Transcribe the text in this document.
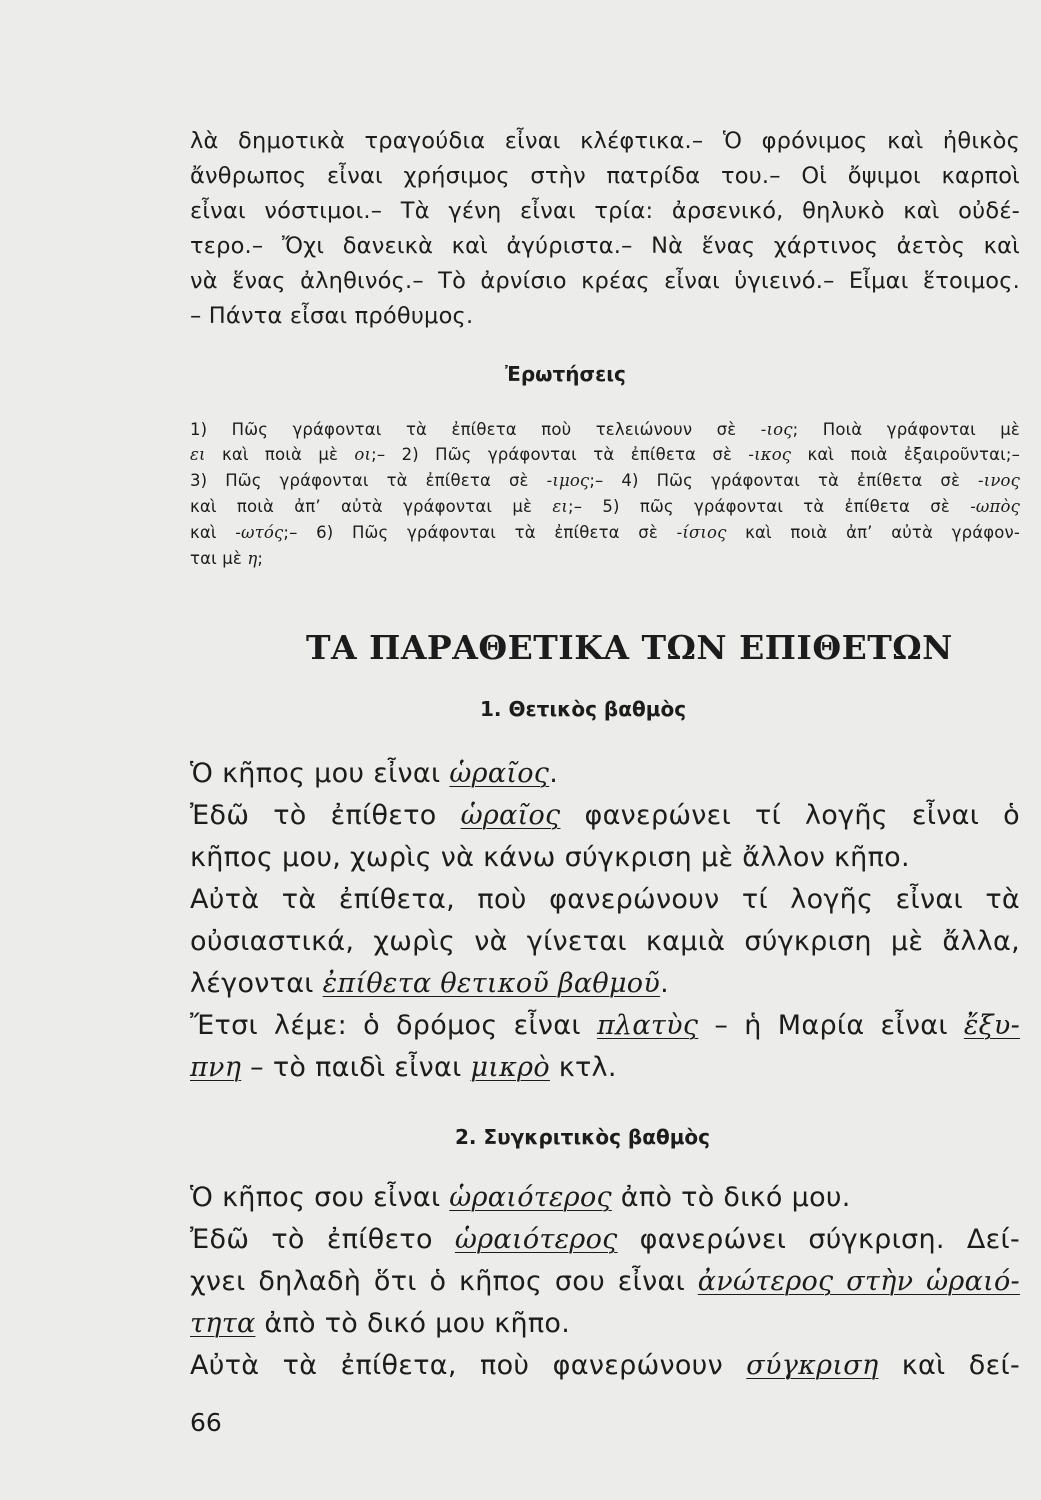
λὰ δημοτικὰ τραγούδια εἶναι κλέφτικα.– Ὁ φρόνιμος καὶ ἠθικὸς
ἄνθρωπος εἶναι χρήσιμος στὴν πατρίδα του.– Οἱ ὄψιμοι καρποὶ
εἶναι νόστιμοι.– Τὰ γένη εἶναι τρία: ἀρσενικό, θηλυκὸ καὶ οὐδέ-
τερο.– Ὄχι δανεικὰ καὶ ἀγύριστα.– Νὰ ἕνας χάρτινος ἀετὸς καὶ
νὰ ἕνας ἀληθινός.– Τὸ ἀρνίσιο κρέας εἶναι ὑγιεινό.– Εἶμαι ἕτοιμος.
– Πάντα εἶσαι πρόθυμος.
Ἐρωτήσεις
1) Πῶς γράφονται τὰ ἐπίθετα ποὺ τελειώνουν σὲ -ιος; Ποιὰ γράφονται μὲ
ει καὶ ποιὰ μὲ οι;– 2) Πῶς γράφονται τὰ ἐπίθετα σὲ -ικος καὶ ποιὰ ἐξαιροῦνται;–
3) Πῶς γράφονται τὰ ἐπίθετα σὲ -ιμος;– 4) Πῶς γράφονται τὰ ἐπίθετα σὲ -ινος
καὶ ποιὰ ἀπ’ αὐτὰ γράφονται μὲ ει;– 5) πῶς γράφονται τὰ ἐπίθετα σὲ -ωπὸς
καὶ -ωτός;– 6) Πῶς γράφονται τὰ ἐπίθετα σὲ -ίσιος καὶ ποιὰ ἀπ’ αὐτὰ γράφον-
ται μὲ η;
ΤΑ ΠΑΡΑΘΕΤΙΚΑ ΤΩΝ ΕΠΙΘΕΤΩΝ
1. Θετικὸς βαθμὸς
Ὁ κῆπος μου εἶναι ὡραῖος.
Ἐδῶ τὸ ἐπίθετο ὡραῖος φανερώνει τί λογῆς εἶναι ὁ
κῆπος μου, χωρὶς νὰ κάνω σύγκριση μὲ ἄλλον κῆπο.
Αὐτὰ τὰ ἐπίθετα, ποὺ φανερώνουν τί λογῆς εἶναι τὰ
οὐσιαστικά, χωρὶς νὰ γίνεται καμιὰ σύγκριση μὲ ἄλλα,
λέγονται ἐπίθετα θετικοῦ βαθμοῦ.
Ἔτσι λέμε: ὁ δρόμος εἶναι πλατὺς – ἡ Μαρία εἶναι ἔξυ-
πνη – τὸ παιδὶ εἶναι μικρὸ κτλ.
2. Συγκριτικὸς βαθμὸς
Ὁ κῆπος σου εἶναι ὡραιότερος ἀπὸ τὸ δικό μου.
Ἐδῶ τὸ ἐπίθετο ὡραιότερος φανερώνει σύγκριση. Δεί-
χνει δηλαδὴ ὅτι ὁ κῆπος σου εἶναι ἀνώτερος στὴν ὡραιό-
τητα ἀπὸ τὸ δικό μου κῆπο.
Αὐτὰ τὰ ἐπίθετα, ποὺ φανερώνουν σύγκριση καὶ δεί-
66
